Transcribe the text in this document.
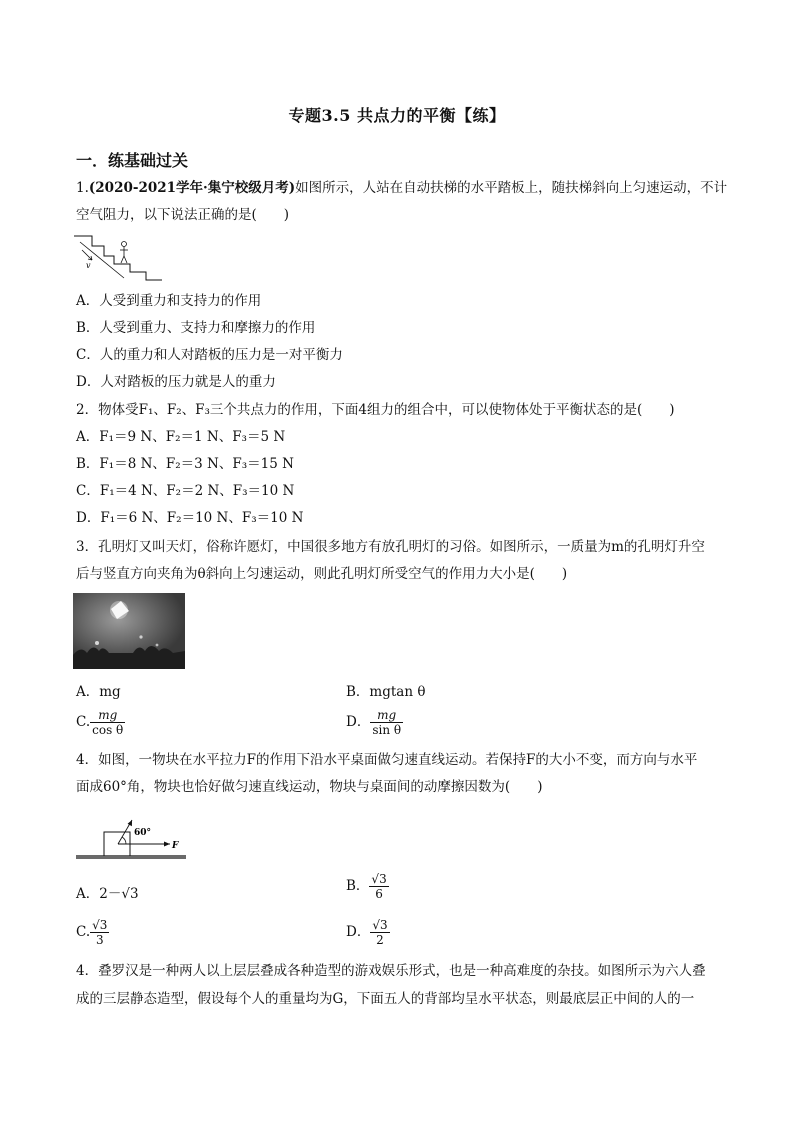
专题3.5 共点力的平衡【练】
一．练基础过关
1.(2020-2021学年·集宁校级月考)如图所示，人站在自动扶梯的水平踏板上，随扶梯斜向上匀速运动，不计
空气阻力，以下说法正确的是(　　)
v
A．人受到重力和支持力的作用
B．人受到重力、支持力和摩擦力的作用
C．人的重力和人对踏板的压力是一对平衡力
D．人对踏板的压力就是人的重力
2．物体受F₁、F₂、F₃三个共点力的作用，下面4组力的组合中，可以使物体处于平衡状态的是(　　)
A．F₁＝9 N、F₂＝1 N、F₃＝5 N
B．F₁＝8 N、F₂＝3 N、F₃＝15 N
C．F₁＝4 N、F₂＝2 N、F₃＝10 N
D．F₁＝6 N、F₂＝10 N、F₃＝10 N
3．孔明灯又叫天灯，俗称许愿灯，中国很多地方有放孔明灯的习俗。如图所示，一质量为m的孔明灯升空
后与竖直方向夹角为θ斜向上匀速运动，则此孔明灯所受空气的作用力大小是(　　)
A．mg	B．mgtan θ
C. $\frac{mg}{\text{cos θ}}$	D． $\frac{mg}{\text{sin θ}}$
4．如图，一物块在水平拉力F的作用下沿水平桌面做匀速直线运动。若保持F的大小不变，而方向与水平
面成60°角，物块也恰好做匀速直线运动，物块与桌面间的动摩擦因数为(　　)
60°
F
A．2－√3	B． $\frac{√3}{6}$
C. $\frac{√3}{3}$	D． $\frac{√3}{2}$
4．叠罗汉是一种两人以上层层叠成各种造型的游戏娱乐形式，也是一种高难度的杂技。如图所示为六人叠
成的三层静态造型，假设每个人的重量均为G，下面五人的背部均呈水平状态，则最底层正中间的人的一
